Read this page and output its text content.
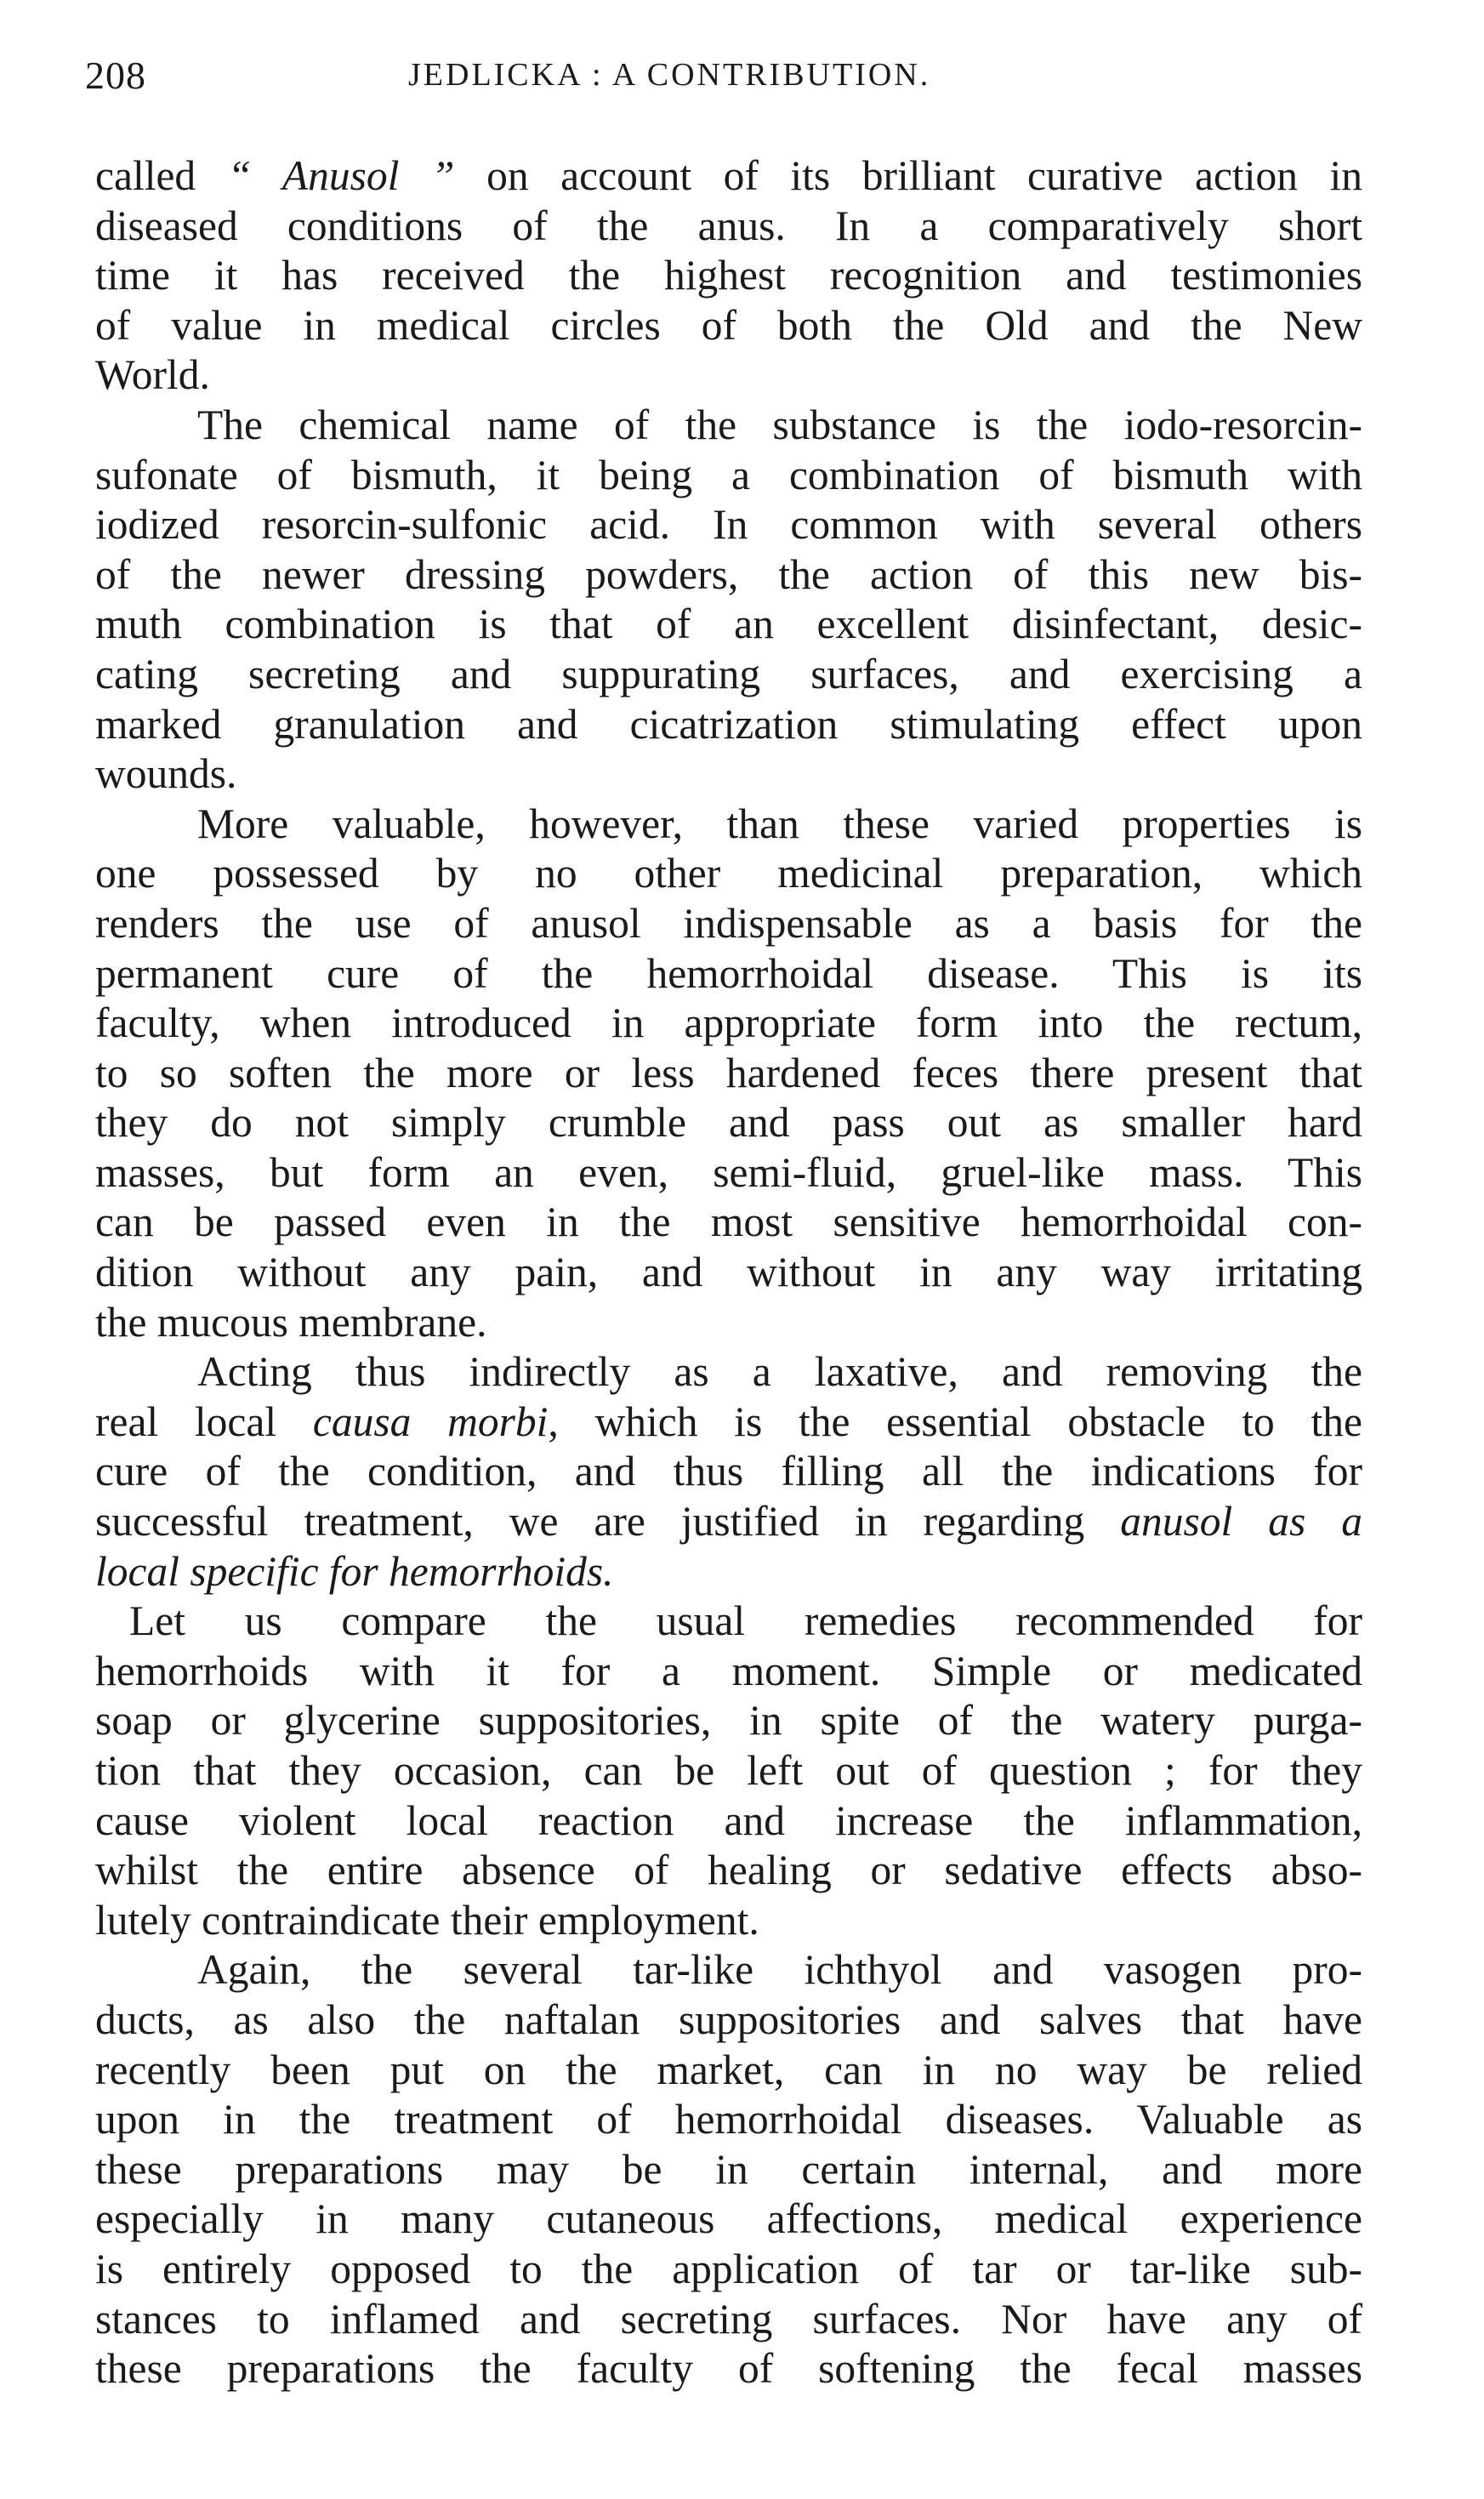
208	JEDLICKA : A CONTRIBUTION.
called “ Anusol ” on account of its brilliant curative action in
diseased conditions of the anus. In a comparatively short
time it has received the highest recognition and testimonies
of value in medical circles of both the Old and the New
World.
The chemical name of the substance is the iodo-resorcin-
sufonate of bismuth, it being a combination of bismuth with
iodized resorcin-sulfonic acid. In common with several others
of the newer dressing powders, the action of this new bis-
muth combination is that of an excellent disinfectant, desic-
cating secreting and suppurating surfaces, and exercising a
marked granulation and cicatrization stimulating effect upon
wounds.
More valuable, however, than these varied properties is
one possessed by no other medicinal preparation, which
renders the use of anusol indispensable as a basis for the
permanent cure of the hemorrhoidal disease. This is its
faculty, when introduced in appropriate form into the rectum,
to so soften the more or less hardened feces there present that
they do not simply crumble and pass out as smaller hard
masses, but form an even, semi-fluid, gruel-like mass. This
can be passed even in the most sensitive hemorrhoidal con-
dition without any pain, and without in any way irritating
the mucous membrane.
Acting thus indirectly as a laxative, and removing the
real local causa morbi, which is the essential obstacle to the
cure of the condition, and thus filling all the indications for
successful treatment, we are justified in regarding anusol as a
local specific for hemorrhoids.
Let us compare the usual remedies recommended for
hemorrhoids with it for a moment. Simple or medicated
soap or glycerine suppositories, in spite of the watery purga-
tion that they occasion, can be left out of question ; for they
cause violent local reaction and increase the inflammation,
whilst the entire absence of healing or sedative effects abso-
lutely contraindicate their employment.
Again, the several tar-like ichthyol and vasogen pro-
ducts, as also the naftalan suppositories and salves that have
recently been put on the market, can in no way be relied
upon in the treatment of hemorrhoidal diseases. Valuable as
these preparations may be in certain internal, and more
especially in many cutaneous affections, medical experience
is entirely opposed to the application of tar or tar-like sub-
stances to inflamed and secreting surfaces. Nor have any of
these preparations the faculty of softening the fecal masses
